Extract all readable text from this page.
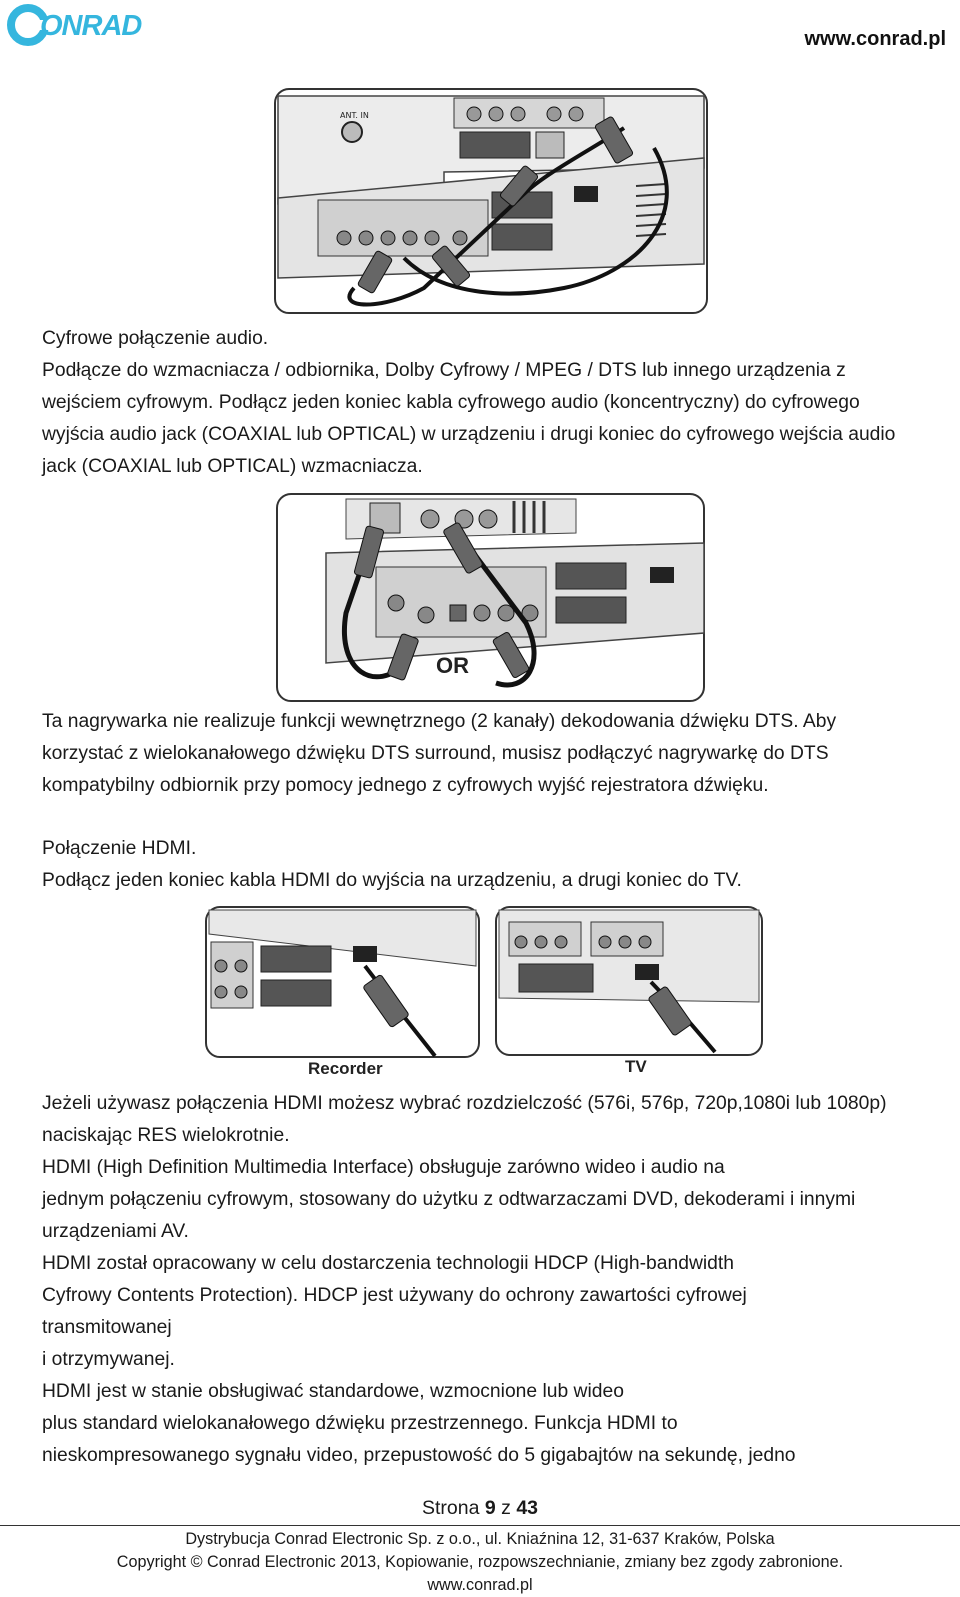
ONRAD	www.conrad.pl
ANT. IN
Cyfrowe połączenie audio.
Podłącze do wzmacniacza / odbiornika, Dolby Cyfrowy / MPEG / DTS lub innego urządzenia z
wejściem cyfrowym. Podłącz jeden koniec kabla cyfrowego audio (koncentryczny) do cyfrowego
wyjścia audio jack (COAXIAL lub OPTICAL) w urządzeniu i drugi koniec do cyfrowego wejścia audio
jack (COAXIAL lub OPTICAL) wzmacniacza.
OR
Ta nagrywarka nie realizuje funkcji wewnętrznego (2 kanały) dekodowania dźwięku DTS. Aby
korzystać z wielokanałowego dźwięku DTS surround, musisz podłączyć nagrywarkę do DTS
kompatybilny odbiornik przy pomocy jednego z cyfrowych wyjść rejestratora dźwięku.
Połączenie HDMI.
Podłącz jeden koniec kabla HDMI do wyjścia na urządzeniu, a drugi koniec do TV.
Recorder	TV
Jeżeli używasz połączenia HDMI możesz wybrać rozdzielczość (576i, 576p, 720p,1080i lub 1080p)
naciskając RES wielokrotnie.
HDMI (High Definition Multimedia Interface) obsługuje zarówno wideo i audio na
jednym połączeniu cyfrowym, stosowany do użytku z odtwarzaczami DVD, dekoderami i innymi
urządzeniami AV.
HDMI został opracowany w celu dostarczenia technologii HDCP (High-bandwidth
Cyfrowy Contents Protection). HDCP jest używany do ochrony zawartości cyfrowej
transmitowanej
i otrzymywanej.
HDMI jest w stanie obsługiwać standardowe, wzmocnione lub wideo
plus standard wielokanałowego dźwięku przestrzennego. Funkcja HDMI to
nieskompresowanego sygnału video, przepustowość do 5 gigabajtów na sekundę, jedno
Strona 9 z 43
Dystrybucja Conrad Electronic Sp. z o.o., ul. Kniaźnina 12, 31-637 Kraków, Polska
Copyright © Conrad Electronic 2013, Kopiowanie, rozpowszechnianie, zmiany bez zgody zabronione.
www.conrad.pl
